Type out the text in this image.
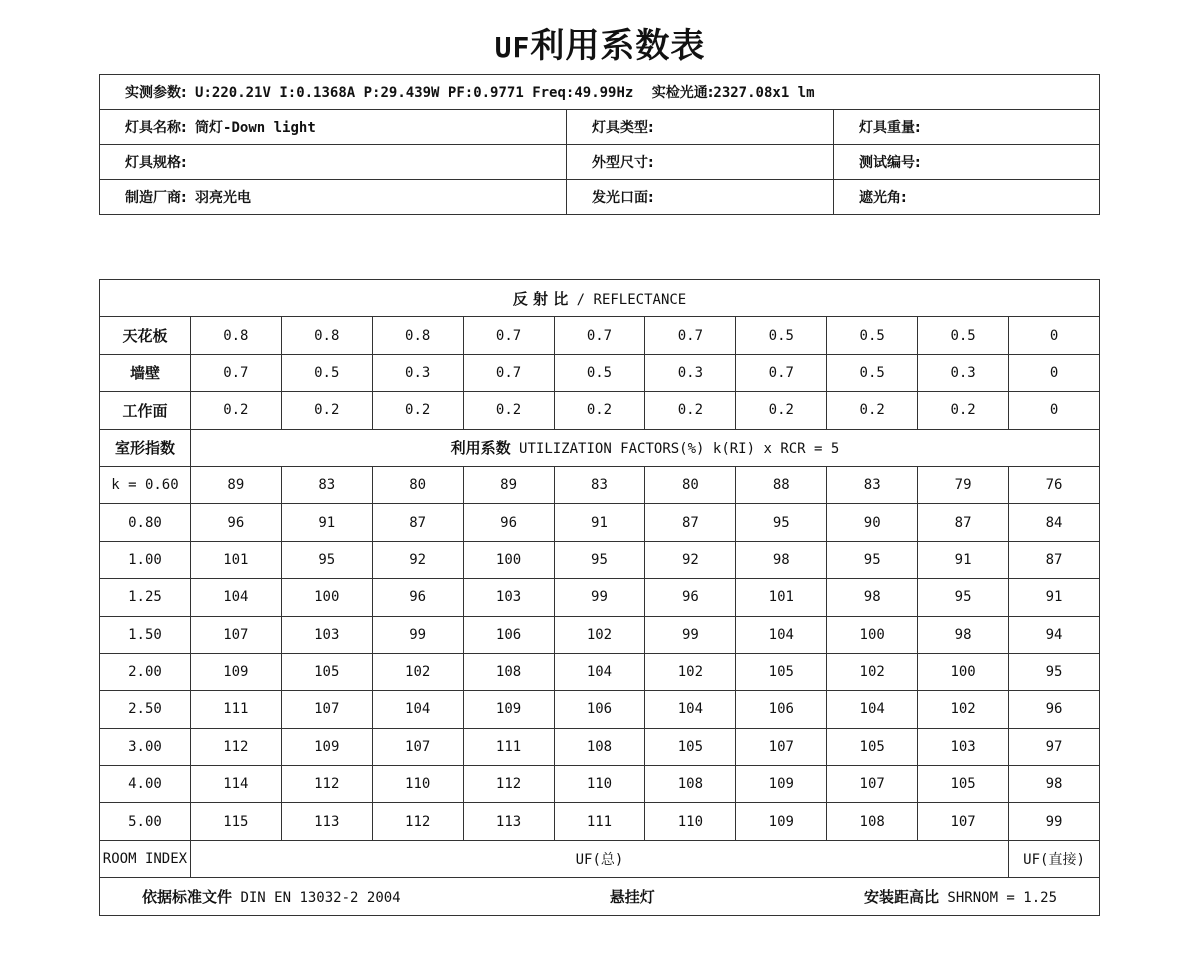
UF利用系数表
实测参数: U:220.21V I:0.1368A P:29.439W PF:0.9771 Freq:49.99Hz 实检光通:2327.08x1 lm		
灯具名称: 筒灯-Down light	灯具类型:	灯具重量:
灯具规格:	外型尺寸:	测试编号:
制造厂商: 羽亮光电	发光口面:	遮光角:
反 射 比 / REFLECTANCE										
天花板	0.8	0.8	0.8	0.7	0.7	0.7	0.5	0.5	0.5	0
墙壁	0.7	0.5	0.3	0.7	0.5	0.3	0.7	0.5	0.3	0
工作面	0.2	0.2	0.2	0.2	0.2	0.2	0.2	0.2	0.2	0
室形指数	利用系数 UTILIZATION FACTORS(%) k(RI) x RCR = 5									
k = 0.60	89	83	80	89	83	80	88	83	79	76
0.80	96	91	87	96	91	87	95	90	87	84
1.00	101	95	92	100	95	92	98	95	91	87
1.25	104	100	96	103	99	96	101	98	95	91
1.50	107	103	99	106	102	99	104	100	98	94
2.00	109	105	102	108	104	102	105	102	100	95
2.50	111	107	104	109	106	104	106	104	102	96
3.00	112	109	107	111	108	105	107	105	103	97
4.00	114	112	110	112	110	108	109	107	105	98
5.00	115	113	112	113	111	110	109	108	107	99
ROOM INDEX	UF(总)									UF(直接)

依据标准文件 DIN EN 13032-2 2004 悬挂灯 安装距高比 SHRNOM = 1.25										
